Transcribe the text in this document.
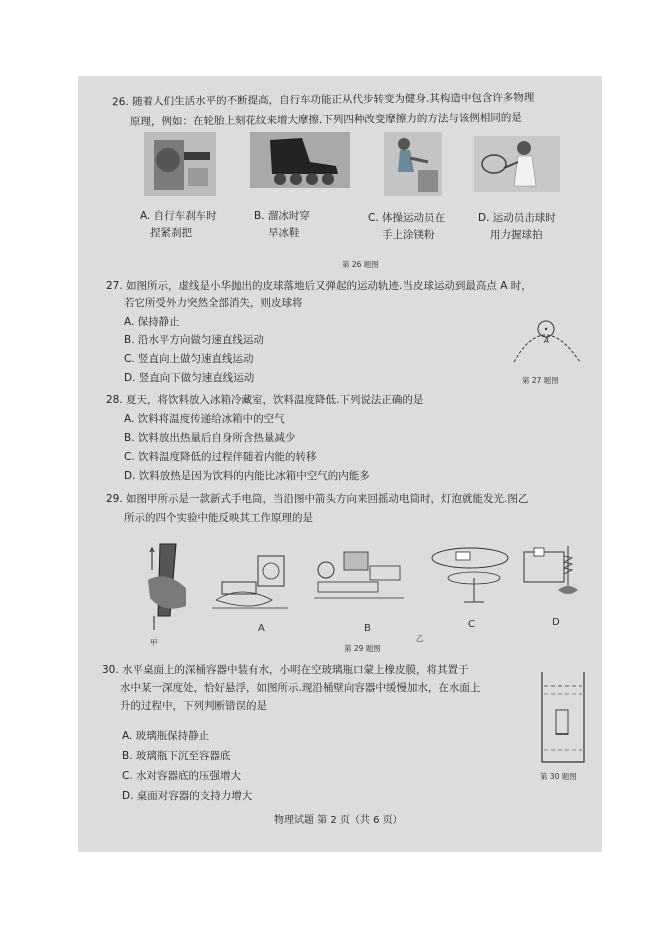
26. 随着人们生活水平的不断提高，自行车功能正从代步转变为健身.其构造中包含许多物理
原理，例如：在轮胎上刻花纹来增大摩擦.下列四种改变摩擦力的方法与该例相同的是
A. 自行车刹车时
捏紧刹把
B. 溜冰时穿
旱冰鞋
C. 体操运动员在
手上涂镁粉
D. 运动员击球时
用力握球拍
第 26 题图
27. 如图所示，虚线是小华抛出的皮球落地后又弹起的运动轨迹.当皮球运动到最高点 A 时，
若它所受外力突然全部消失，则皮球将
A. 保持静止
B. 沿水平方向做匀速直线运动
C. 竖直向上做匀速直线运动
D. 竖直向下做匀速直线运动
A
第 27 题图
28. 夏天，将饮料放入冰箱冷藏室，饮料温度降低.下列说法正确的是
A. 饮料将温度传递给冰箱中的空气
B. 饮料放出热量后自身所含热量减少
C. 饮料温度降低的过程伴随着内能的转移
D. 饮料放热是因为饮料的内能比冰箱中空气的内能多
29. 如图甲所示是一款新式手电筒，当沿图中箭头方向来回摇动电筒时，灯泡就能发光.图乙
所示的四个实验中能反映其工作原理的是
甲
A	B
乙
C	D
第 29 题图
30. 水平桌面上的深桶容器中装有水，小明在空玻璃瓶口蒙上橡皮膜，将其置于
水中某一深度处，恰好悬浮，如图所示.现沿桶壁向容器中缓慢加水，在水面上
升的过程中，下列判断错误的是
A. 玻璃瓶保持静止
B. 玻璃瓶下沉至容器底
C. 水对容器底的压强增大
D. 桌面对容器的支持力增大
第 30 题图
物理试题 第 2 页（共 6 页）
